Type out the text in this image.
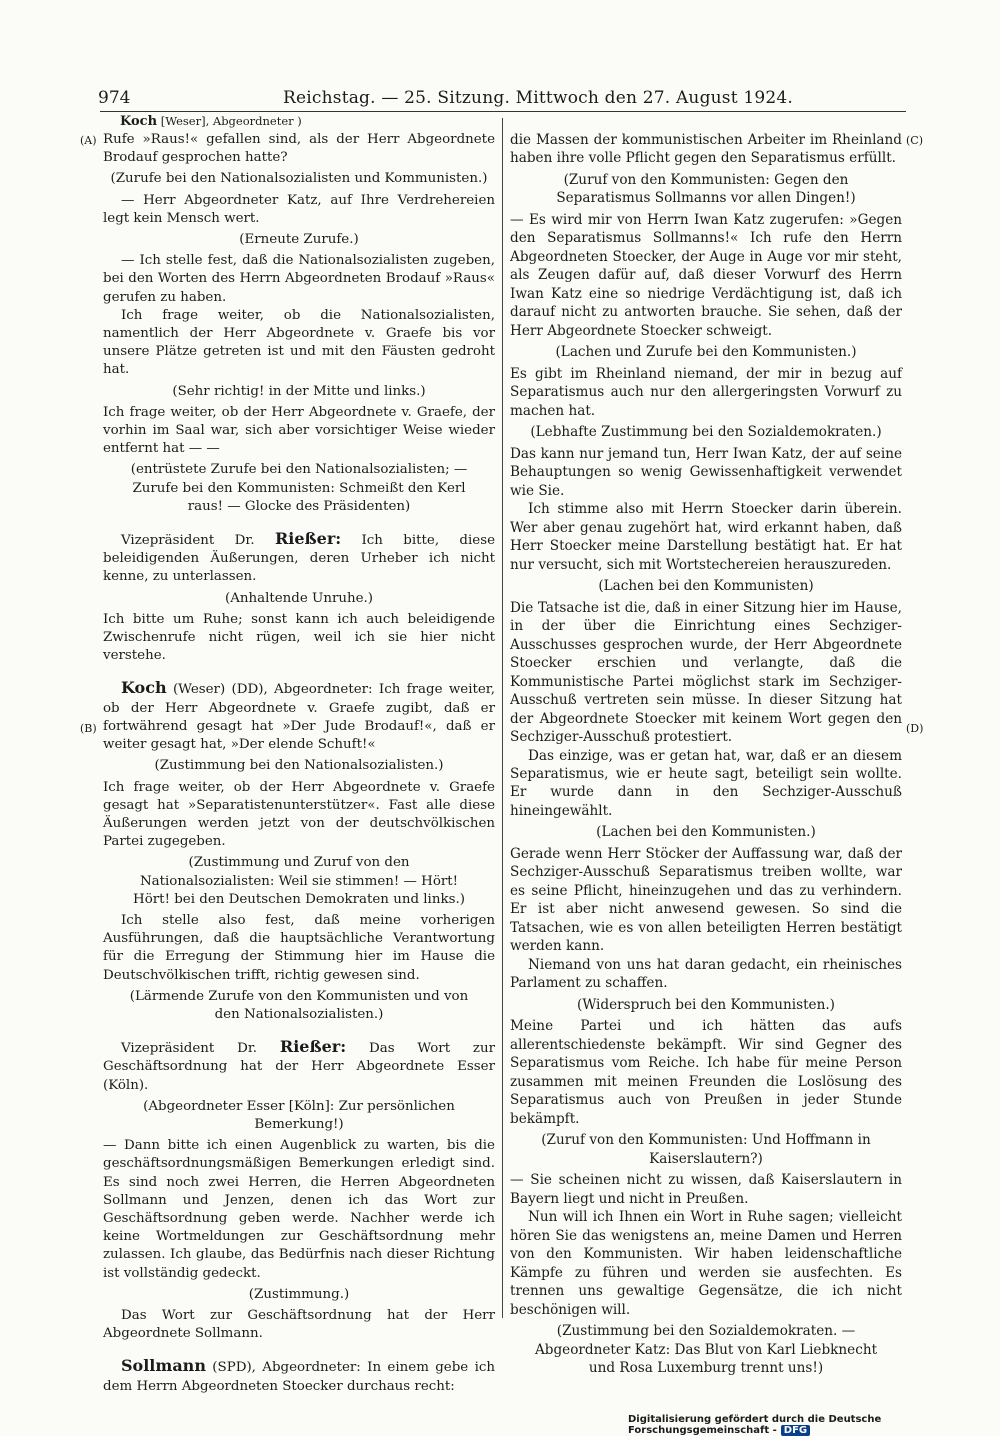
974	Reichstag. — 25. Sitzung. Mittwoch den 27. August 1924.
Koch [Weser], Abgeordneter )
(A)
(B)
(C)
(D)

Rufe »Raus!« gefallen sind, als der Herr Abgeordnete Brodauf gesprochen hatte?

(Zurufe bei den Nationalsozialisten und Kommunisten.)

— Herr Abgeordneter Katz, auf Ihre Verdrehereien legt kein Mensch wert.

(Erneute Zurufe.)

— Ich stelle fest, daß die Nationalsozialisten zugeben, bei den Worten des Herrn Abgeordneten Brodauf »Raus« gerufen zu haben.

Ich frage weiter, ob die Nationalsozialisten, namentlich der Herr Abgeordnete v. Graefe bis vor unsere Plätze getreten ist und mit den Fäusten gedroht hat.

(Sehr richtig! in der Mitte und links.)

Ich frage weiter, ob der Herr Abgeordnete v. Graefe, der vorhin im Saal war, sich aber vorsichtiger Weise wieder entfernt hat — —

(entrüstete Zurufe bei den Nationalsozialisten; — Zurufe bei den Kommunisten: Schmeißt den Kerl raus! — Glocke des Präsidenten)

Vizepräsident Dr. Rießer: Ich bitte, diese beleidigenden Äußerungen, deren Urheber ich nicht kenne, zu unterlassen.

(Anhaltende Unruhe.)

Ich bitte um Ruhe; sonst kann ich auch beleidigende Zwischenrufe nicht rügen, weil ich sie hier nicht verstehe.

Koch (Weser) (DD), Abgeordneter: Ich frage weiter, ob der Herr Abgeordnete v. Graefe zugibt, daß er fortwährend gesagt hat »Der Jude Brodauf!«, daß er weiter gesagt hat, »Der elende Schuft!«

(Zustimmung bei den Nationalsozialisten.)

Ich frage weiter, ob der Herr Abgeordnete v. Graefe gesagt hat »Separatistenunterstützer«. Fast alle diese Äußerungen werden jetzt von der deutschvölkischen Partei zugegeben.

(Zustimmung und Zuruf von den Nationalsozialisten: Weil sie stimmen! — Hört! Hört! bei den Deutschen Demokraten und links.)

Ich stelle also fest, daß meine vorherigen Ausführungen, daß die hauptsächliche Verantwortung für die Erregung der Stimmung hier im Hause die Deutschvölkischen trifft, richtig gewesen sind.

(Lärmende Zurufe von den Kommunisten und von den Nationalsozialisten.)

Vizepräsident Dr. Rießer: Das Wort zur Geschäftsordnung hat der Herr Abgeordnete Esser (Köln).

(Abgeordneter Esser [Köln]: Zur persönlichen Bemerkung!)

— Dann bitte ich einen Augenblick zu warten, bis die geschäftsordnungsmäßigen Bemerkungen erledigt sind. Es sind noch zwei Herren, die Herren Abgeordneten Sollmann und Jenzen, denen ich das Wort zur Geschäftsordnung geben werde. Nachher werde ich keine Wortmeldungen zur Geschäftsordnung mehr zulassen. Ich glaube, das Bedürfnis nach dieser Richtung ist vollständig gedeckt.

(Zustimmung.)

Das Wort zur Geschäftsordnung hat der Herr Abgeordnete Sollmann.

Sollmann (SPD), Abgeordneter: In einem gebe ich dem Herrn Abgeordneten Stoecker durchaus recht:

die Massen der kommunistischen Arbeiter im Rheinland haben ihre volle Pflicht gegen den Separatismus erfüllt.

(Zuruf von den Kommunisten: Gegen den Separatismus Sollmanns vor allen Dingen!)

— Es wird mir von Herrn Iwan Katz zugerufen: »Gegen den Separatismus Sollmanns!« Ich rufe den Herrn Abgeordneten Stoecker, der Auge in Auge vor mir steht, als Zeugen dafür auf, daß dieser Vorwurf des Herrn Iwan Katz eine so niedrige Verdächtigung ist, daß ich darauf nicht zu antworten brauche. Sie sehen, daß der Herr Abgeordnete Stoecker schweigt.

(Lachen und Zurufe bei den Kommunisten.)

Es gibt im Rheinland niemand, der mir in bezug auf Separatismus auch nur den allergeringsten Vorwurf zu machen hat.

(Lebhafte Zustimmung bei den Sozialdemokraten.)

Das kann nur jemand tun, Herr Iwan Katz, der auf seine Behauptungen so wenig Gewissenhaftigkeit verwendet wie Sie.

Ich stimme also mit Herrn Stoecker darin überein. Wer aber genau zugehört hat, wird erkannt haben, daß Herr Stoecker meine Darstellung bestätigt hat. Er hat nur versucht, sich mit Wortstechereien herauszureden.

(Lachen bei den Kommunisten)

Die Tatsache ist die, daß in einer Sitzung hier im Hause, in der über die Einrichtung eines Sechziger-Ausschusses gesprochen wurde, der Herr Abgeordnete Stoecker erschien und verlangte, daß die Kommunistische Partei möglichst stark im Sechziger-Ausschuß vertreten sein müsse. In dieser Sitzung hat der Abgeordnete Stoecker mit keinem Wort gegen den Sechziger-Ausschuß protestiert.

Das einzige, was er getan hat, war, daß er an diesem Separatismus, wie er heute sagt, beteiligt sein wollte. Er wurde dann in den Sechziger-Ausschuß hineingewählt.

(Lachen bei den Kommunisten.)

Gerade wenn Herr Stöcker der Auffassung war, daß der Sechziger-Ausschuß Separatismus treiben wollte, war es seine Pflicht, hineinzugehen und das zu verhindern. Er ist aber nicht anwesend gewesen. So sind die Tatsachen, wie es von allen beteiligten Herren bestätigt werden kann.

Niemand von uns hat daran gedacht, ein rheinisches Parlament zu schaffen.

(Widerspruch bei den Kommunisten.)

Meine Partei und ich hätten das aufs allerentschiedenste bekämpft. Wir sind Gegner des Separatismus vom Reiche. Ich habe für meine Person zusammen mit meinen Freunden die Loslösung des Separatismus auch von Preußen in jeder Stunde bekämpft.

(Zuruf von den Kommunisten: Und Hoffmann in Kaiserslautern?)

— Sie scheinen nicht zu wissen, daß Kaiserslautern in Bayern liegt und nicht in Preußen.

Nun will ich Ihnen ein Wort in Ruhe sagen; vielleicht hören Sie das wenigstens an, meine Damen und Herren von den Kommunisten. Wir haben leidenschaftliche Kämpfe zu führen und werden sie ausfechten. Es trennen uns gewaltige Gegensätze, die ich nicht beschönigen will.

(Zustimmung bei den Sozialdemokraten. — Abgeordneter Katz: Das Blut von Karl Liebknecht und Rosa Luxemburg trennt uns!)

Digitalisierung gefördert durch die Deutsche Forschungsgemeinschaft - DFG
